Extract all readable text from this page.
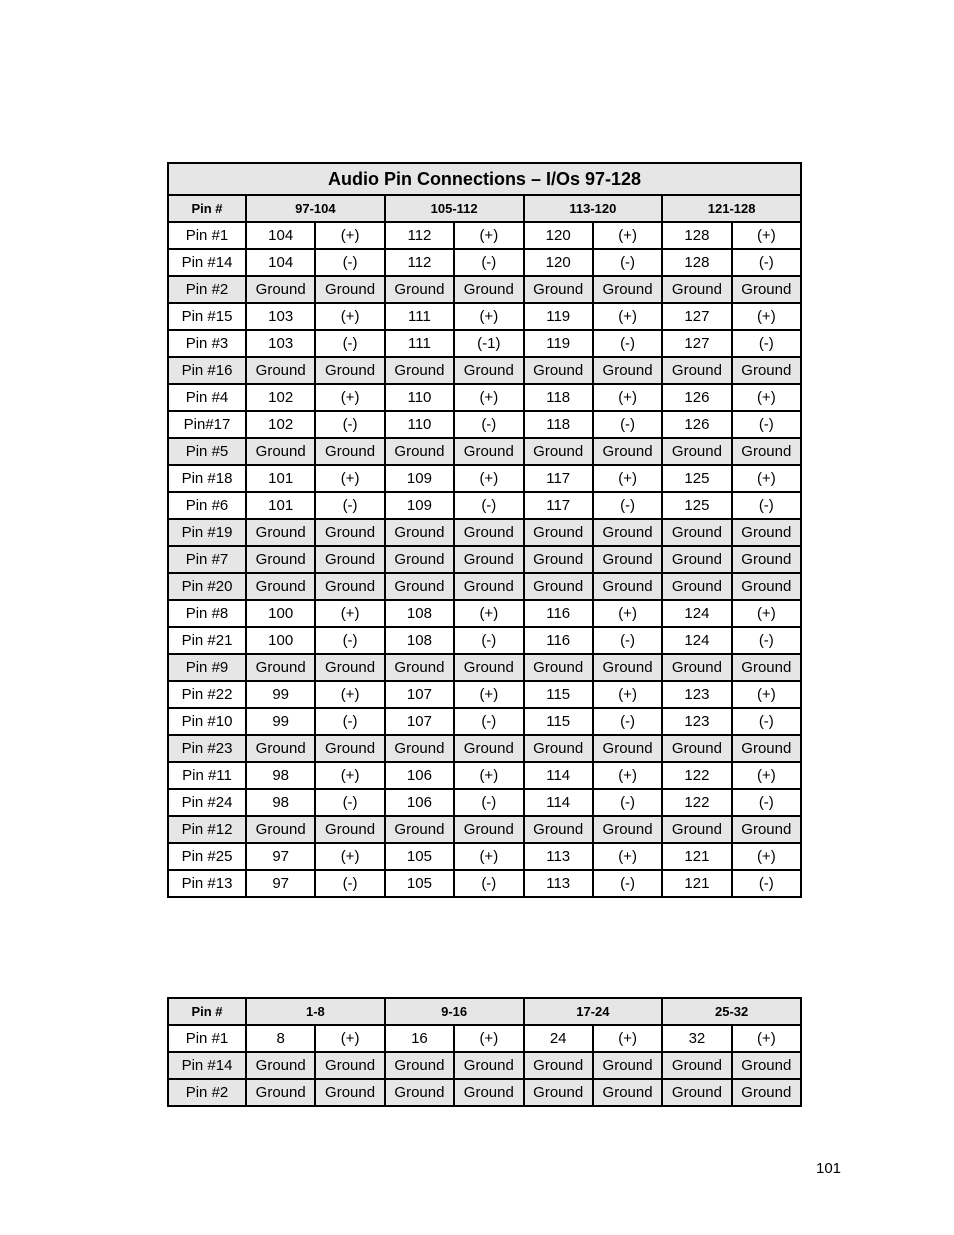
Audio Pin Connections – I/Os 97-128								
Pin #	97-104		105-112		113-120		121-128	
Pin #1	104	(+)	112	(+)	120	(+)	128	(+)
Pin #14	104	(-)	112	(-)	120	(-)	128	(-)
Pin #2	Ground	Ground	Ground	Ground	Ground	Ground	Ground	Ground
Pin #15	103	(+)	111	(+)	119	(+)	127	(+)
Pin #3	103	(-)	111	(-1)	119	(-)	127	(-)
Pin #16	Ground	Ground	Ground	Ground	Ground	Ground	Ground	Ground
Pin #4	102	(+)	110	(+)	118	(+)	126	(+)
Pin#17	102	(-)	110	(-)	118	(-)	126	(-)
Pin #5	Ground	Ground	Ground	Ground	Ground	Ground	Ground	Ground
Pin #18	101	(+)	109	(+)	117	(+)	125	(+)
Pin #6	101	(-)	109	(-)	117	(-)	125	(-)
Pin #19	Ground	Ground	Ground	Ground	Ground	Ground	Ground	Ground
Pin #7	Ground	Ground	Ground	Ground	Ground	Ground	Ground	Ground
Pin #20	Ground	Ground	Ground	Ground	Ground	Ground	Ground	Ground
Pin #8	100	(+)	108	(+)	116	(+)	124	(+)
Pin #21	100	(-)	108	(-)	116	(-)	124	(-)
Pin #9	Ground	Ground	Ground	Ground	Ground	Ground	Ground	Ground
Pin #22	99	(+)	107	(+)	115	(+)	123	(+)
Pin #10	99	(-)	107	(-)	115	(-)	123	(-)
Pin #23	Ground	Ground	Ground	Ground	Ground	Ground	Ground	Ground
Pin #11	98	(+)	106	(+)	114	(+)	122	(+)
Pin #24	98	(-)	106	(-)	114	(-)	122	(-)
Pin #12	Ground	Ground	Ground	Ground	Ground	Ground	Ground	Ground
Pin #25	97	(+)	105	(+)	113	(+)	121	(+)
Pin #13	97	(-)	105	(-)	113	(-)	121	(-)
Pin #	1-8		9-16		17-24		25-32	
Pin #1	8	(+)	16	(+)	24	(+)	32	(+)
Pin #14	Ground	Ground	Ground	Ground	Ground	Ground	Ground	Ground
Pin #2	Ground	Ground	Ground	Ground	Ground	Ground	Ground	Ground
101
